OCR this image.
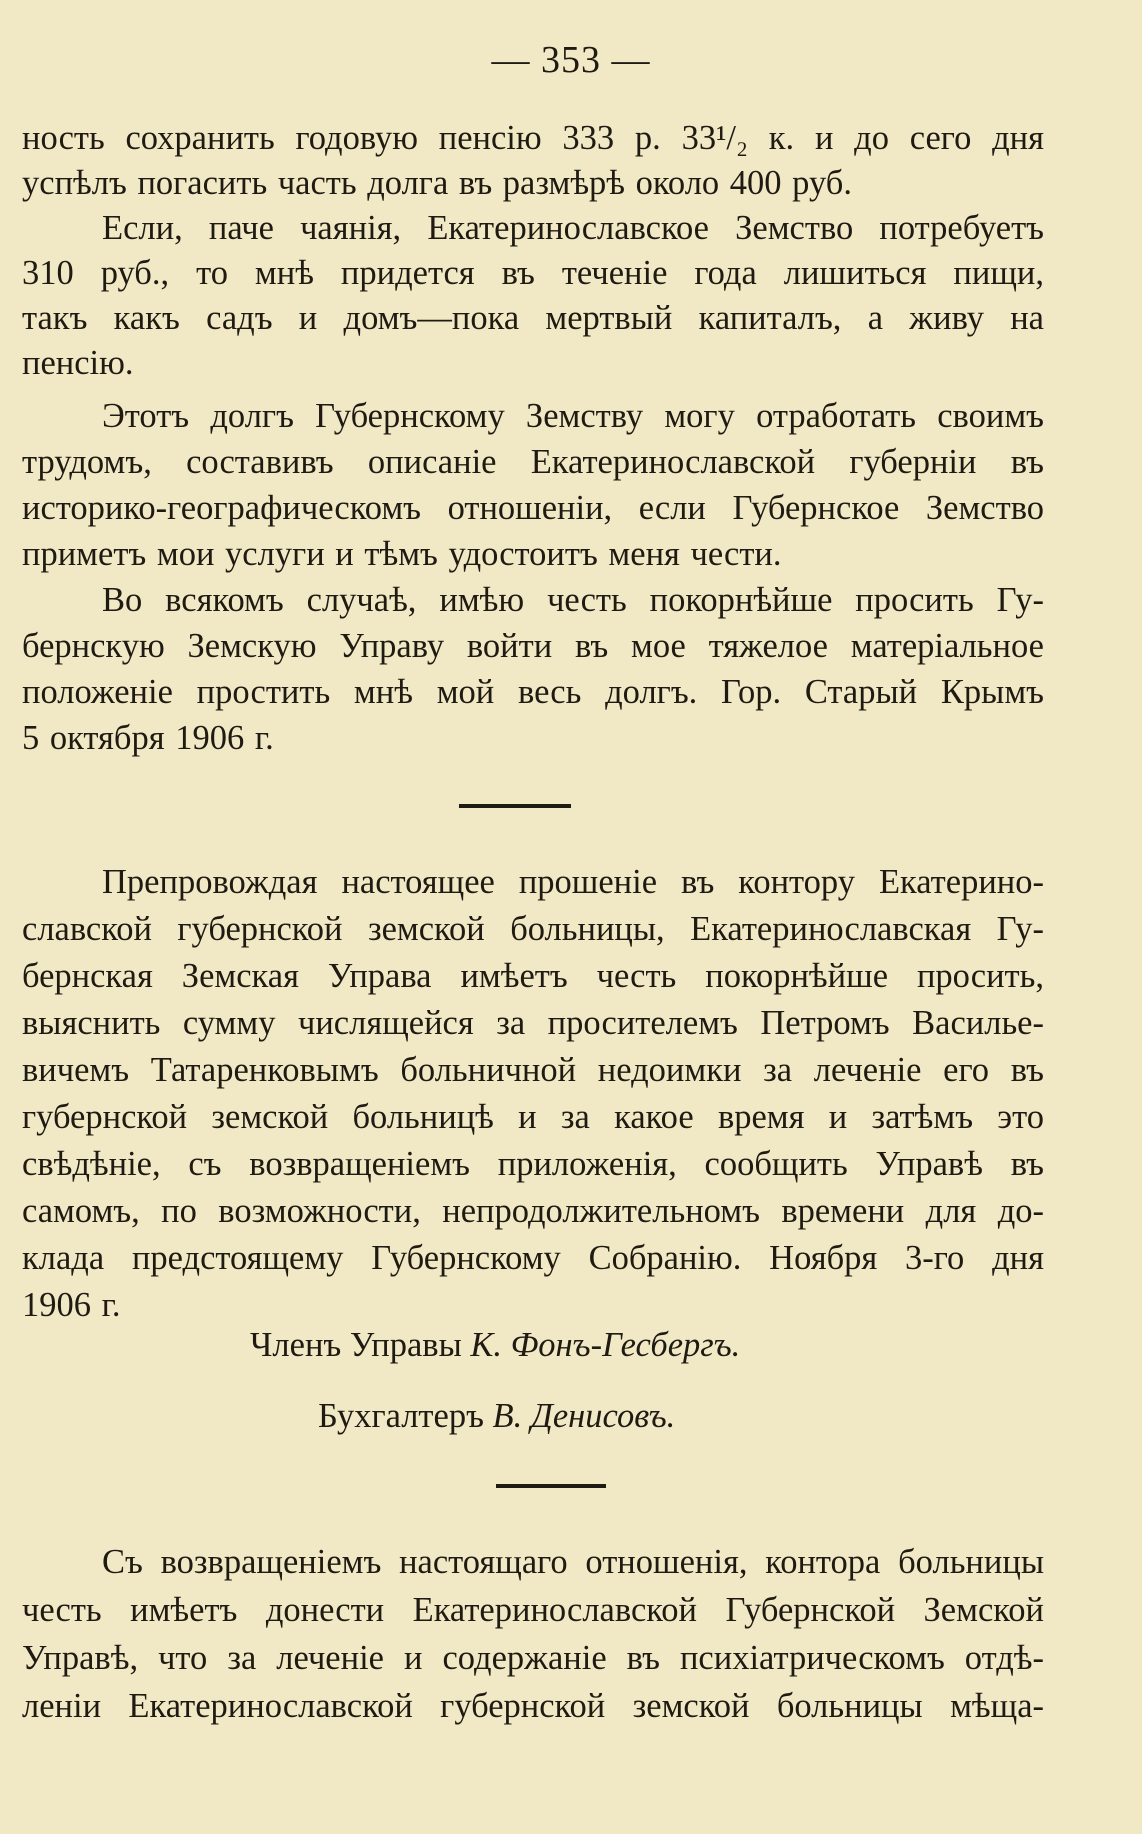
— 353 —
ность сохранить годовую пенсію 333 р. 33¹/₂ к. и до сего дня
успѣлъ погасить часть долга въ размѣрѣ около 400 руб.
Если, паче чаянія, Екатеринославское Земство потребуетъ
310 руб., то мнѣ придется въ теченіе года лишиться пищи,
такъ какъ садъ и домъ—пока мертвый капиталъ, а живу на
пенсію.
Этотъ долгъ Губернскому Земству могу отработать своимъ
трудомъ, составивъ описаніе Екатеринославской губерніи въ
историко-географическомъ отношеніи, если Губернское Земство
приметъ мои услуги и тѣмъ удостоитъ меня чести.
Во всякомъ случаѣ, имѣю честь покорнѣйше просить Гу-
бернскую Земскую Управу войти въ мое тяжелое матеріальное
положеніе простить мнѣ мой весь долгъ. Гор. Старый Крымъ
5 октября 1906 г.
Препровождая настоящее прошеніе въ контору Екатерино-
славской губернской земской больницы, Екатеринославская Гу-
бернская Земская Управа имѣетъ честь покорнѣйше просить,
выяснить сумму числящейся за просителемъ Петромъ Василье-
вичемъ Татаренковымъ больничной недоимки за леченіе его въ
губернской земской больницѣ и за какое время и затѣмъ это
свѣдѣніе, съ возвращеніемъ приложенія, сообщить Управѣ въ
самомъ, по возможности, непродолжительномъ времени для до-
клада предстоящему Губернскому Собранію. Ноября 3-го дня
1906 г.
Членъ Управы К. Фонъ-Гесбергъ.
Бухгалтеръ В. Денисовъ.
Съ возвращеніемъ настоящаго отношенія, контора больницы
честь имѣетъ донести Екатеринославской Губернской Земской
Управѣ, что за леченіе и содержаніе въ психіатрическомъ отдѣ-
леніи Екатеринославской губернской земской больницы мѣща-
